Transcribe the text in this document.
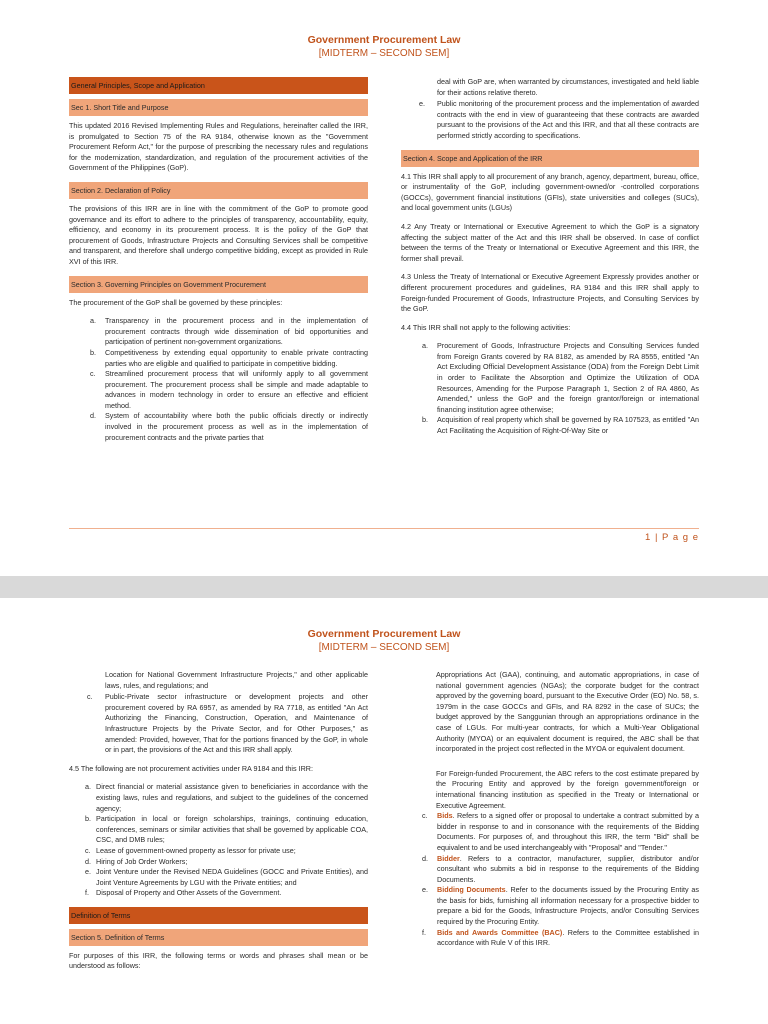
Government Procurement Law
[MIDTERM – SECOND SEM]
General Principles, Scope and Application
Sec 1. Short Title and Purpose
This updated 2016 Revised Implementing Rules and Regulations, hereinafter called the IRR, is promulgated to Section 75 of the RA 9184, otherwise known as the "Government Procurement Reform Act," for the purpose of prescribing the necessary rules and regulations for the modernization, standardization, and regulation of the procurement activities of the Government of the Philippines (GoP).
Section 2. Declaration of Policy
The provisions of this IRR are in line with the commitment of the GoP to promote good governance and its effort to adhere to the principles of transparency, accountability, equity, efficiency, and economy in its procurement process. It is the policy of the GoP that procurement of Goods, Infrastructure Projects and Consulting Services shall be competitive and transparent, and therefore shall undergo competitive bidding, except as provided in Rule XVI of this IRR.
Section 3. Governing Principles on Government Procurement
The procurement of the GoP shall be governed by these principles:
a.	Transparency in the procurement process and in the implementation of procurement contracts through wide dissemination of bid opportunities and participation of pertinent non-government organizations.
b.	Competitiveness by extending equal opportunity to enable private contracting parties who are eligible and qualified to participate in competitive bidding.
c.	Streamlined procurement process that will uniformly apply to all government procurement. The procurement process shall be simple and made adaptable to advances in modern technology in order to ensure an effective and efficient method.
d.	System of accountability where both the public officials directly or indirectly involved in the procurement process as well as in the implementation of procurement contracts and the private parties that
deal with GoP are, when warranted by circumstances, investigated and held liable for their actions relative thereto.
e.	Public monitoring of the procurement process and the implementation of awarded contracts with the end in view of guaranteeing that these contracts are awarded pursuant to the provisions of the Act and this IRR, and that all these contracts are performed strictly according to specifications.
Section 4. Scope and Application of the IRR
4.1 This IRR shall apply to all procurement of any branch, agency, department, bureau, office, or instrumentality of the GoP, including government-owned/or -controlled corporations (GOCCs), government financial institutions (GFIs), state universities and colleges (SUCs), and local government units (LGUs)
4.2 Any Treaty or International or Executive Agreement to which the GoP is a signatory affecting the subject matter of the Act and this IRR shall be observed. In case of conflict between the terms of the Treaty or International or Executive Agreement and this IRR, the former shall prevail.
4.3 Unless the Treaty of International or Executive Agreement Expressly provides another or different procurement procedures and guidelines, RA 9184 and this IRR shall apply to Foreign-funded Procurement of Goods, Infrastructure Projects, and Consulting Services by the GoP.
4.4 This IRR shall not apply to the following activities:
a.	Procurement of Goods, Infrastructure Projects and Consulting Services funded from Foreign Grants covered by RA 8182, as amended by RA 8555, entitled "An Act Excluding Official Development Assistance (ODA) from the Foreign Debt Limit in order to Facilitate the Absorption and Optimize the Utilization of ODA Resources, Amending for the Purpose Paragraph 1, Section 2 of RA 4860, As Amended," unless the GoP and the foreign grantor/foreign or international financing institution agree otherwise;
b.	Acquisition of real property which shall be governed by RA 107523, as entitled "An Act Facilitating the Acquisition of Right-Of-Way Site or
1 | P a g e
Government Procurement Law
[MIDTERM – SECOND SEM]
Location for National Government Infrastructure Projects," and other applicable laws, rules, and regulations; and
c.	Public-Private sector infrastructure or development projects and other procurement covered by RA 6957, as amended by RA 7718, as entitled "An Act Authorizing the Financing, Construction, Operation, and Maintenance of Infrastructure Projects by the Private Sector, and for Other Purposes," as amended: Provided, however, That for the portions financed by the GoP, in whole or in part, the provisions of the Act and this IRR shall apply.
4.5 The following are not procurement activities under RA 9184 and this IRR:
a. Direct financial or material assistance given to beneficiaries in accordance with the existing laws, rules and regulations, and subject to the guidelines of the concerned agency;
b. Participation in local or foreign scholarships, trainings, continuing education, conferences, seminars or similar activities that shall be governed by applicable COA, CSC, and DMB rules;
c. Lease of government-owned property as lessor for private use;
d. Hiring of Job Order Workers;
e. Joint Venture under the Revised NEDA Guidelines (GOCC and Private Entities), and Joint Venture Agreements by LGU with the Private entities; and
f. Disposal of Property and Other Assets of the Government.
Definition of Terms
Section 5. Definition of Terms
For purposes of this IRR, the following terms or words and phrases shall mean or be understood as follows:
Appropriations Act (GAA), continuing, and automatic appropriations, in case of national government agencies (NGAs); the corporate budget for the contract approved by the governing board, pursuant to the Executive Order (EO) No. 58, s. 1979m in the case GOCCs and GFIs, and RA 8292 in the case of SUCs; the budget approved by the Sanggunian through an appropriations ordinance in the case of LGUs. For multi-year contracts, for which a Multi-Year Obligational Authority (MYOA) or an equivalent document is required, the ABC shall be that incorporated in the project cost reflected in the MYOA or equivalent document.
For Foreign-funded Procurement, the ABC refers to the cost estimate prepared by the Procuring Entity and approved by the foreign government/foreign or international financing institution as specified in the Treaty or International or Executive Agreement.
c.	Bids. Refers to a signed offer or proposal to undertake a contract submitted by a bidder in response to and in consonance with the requirements of the Bidding Documents. For purposes of, and throughout this IRR, the term "Bid" shall be equivalent to and be used interchangeably with "Proposal" and "Tender."
d.	Bidder. Refers to a contractor, manufacturer, supplier, distributor and/or consultant who submits a bid in response to the requirements of the Bidding Documents.
e.	Bidding Documents. Refer to the documents issued by the Procuring Entity as the basis for bids, furnishing all information necessary for a prospective bidder to prepare a bid for the Goods, Infrastructure Projects, and/or Consulting Services required by the Procuring Entity.
f.	Bids and Awards Committee (BAC). Refers to the Committee established in accordance with Rule V of this IRR.
